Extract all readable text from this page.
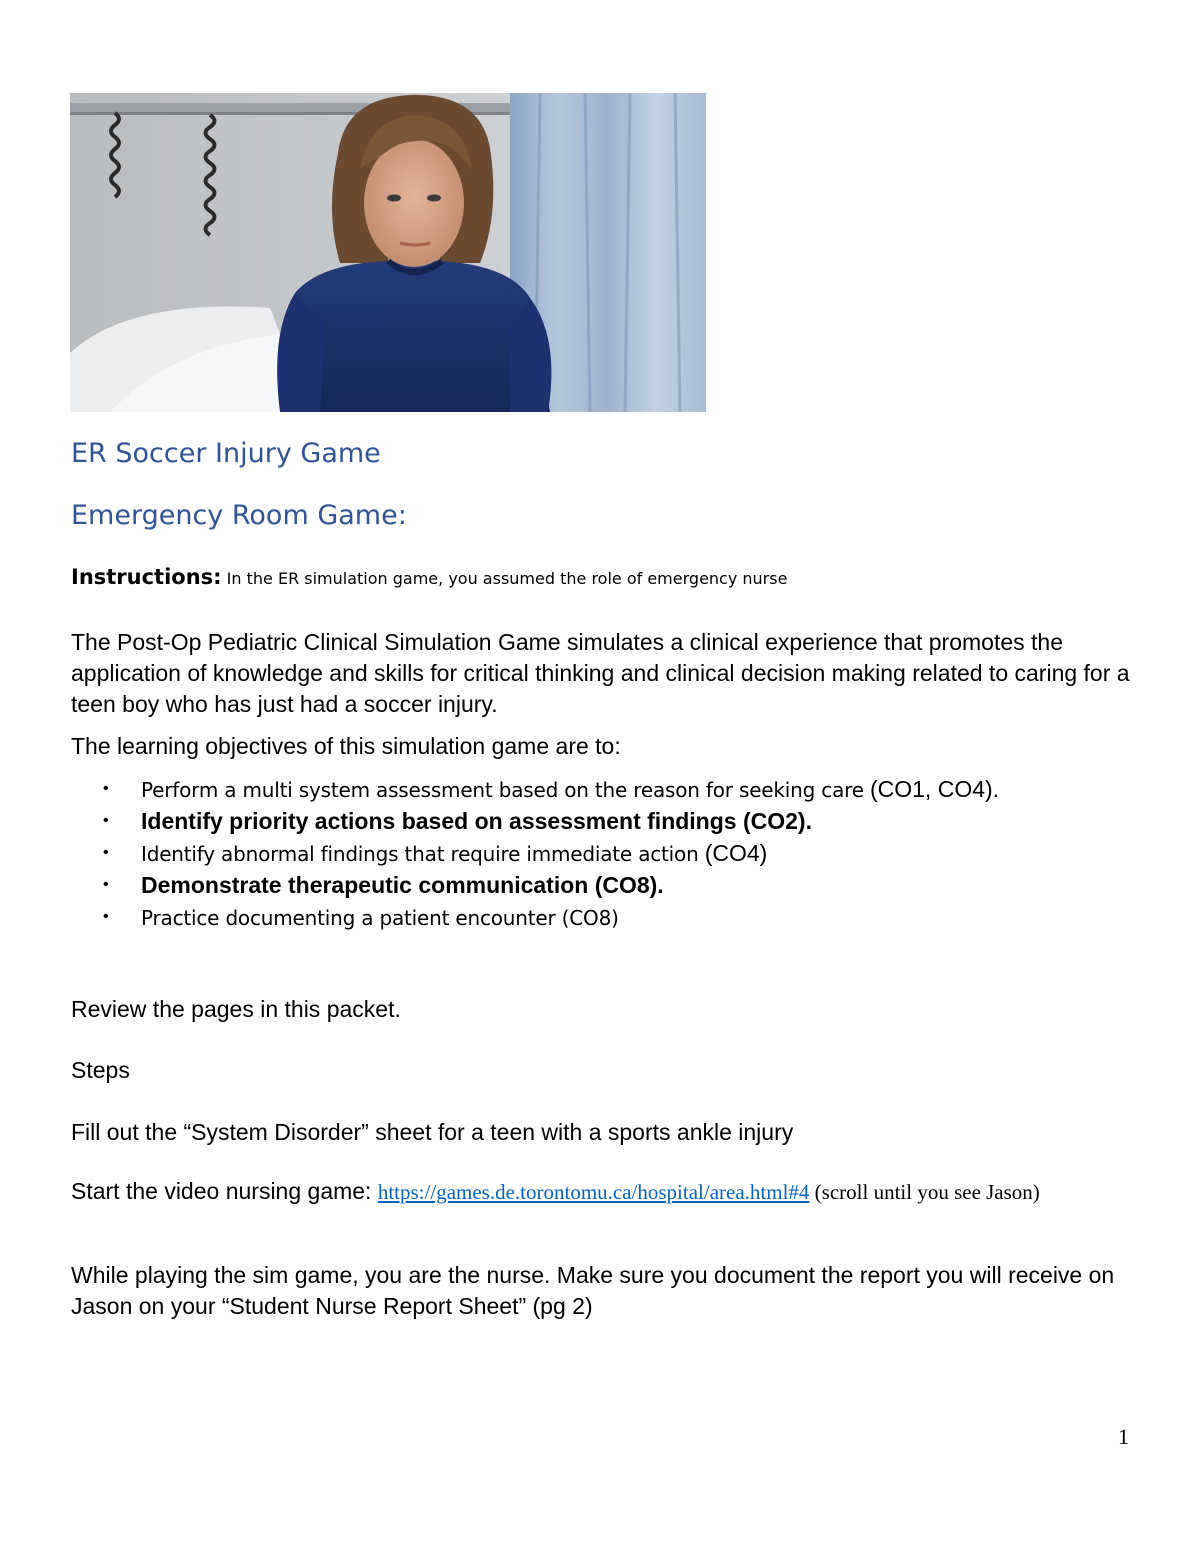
ER Soccer Injury Game
Emergency Room Game:
Instructions: In the ER simulation game, you assumed the role of emergency nurse
The Post-Op Pediatric Clinical Simulation Game simulates a clinical experience that promotes the application of knowledge and skills for critical thinking and clinical decision making related to caring for a teen boy who has just had a soccer injury.
The learning objectives of this simulation game are to:
• Perform a multi system assessment based on the reason for seeking care (CO1, CO4).
• Identify priority actions based on assessment findings (CO2).
• Identify abnormal findings that require immediate action (CO4)
• Demonstrate therapeutic communication (CO8).
• Practice documenting a patient encounter (CO8)
Review the pages in this packet.
Steps
Fill out the “System Disorder” sheet for a teen with a sports ankle injury
Start the video nursing game: https://games.de.torontomu.ca/hospital/area.html#4 (scroll until you see Jason)
While playing the sim game, you are the nurse. Make sure you document the report you will receive on Jason on your “Student Nurse Report Sheet” (pg 2)
1
